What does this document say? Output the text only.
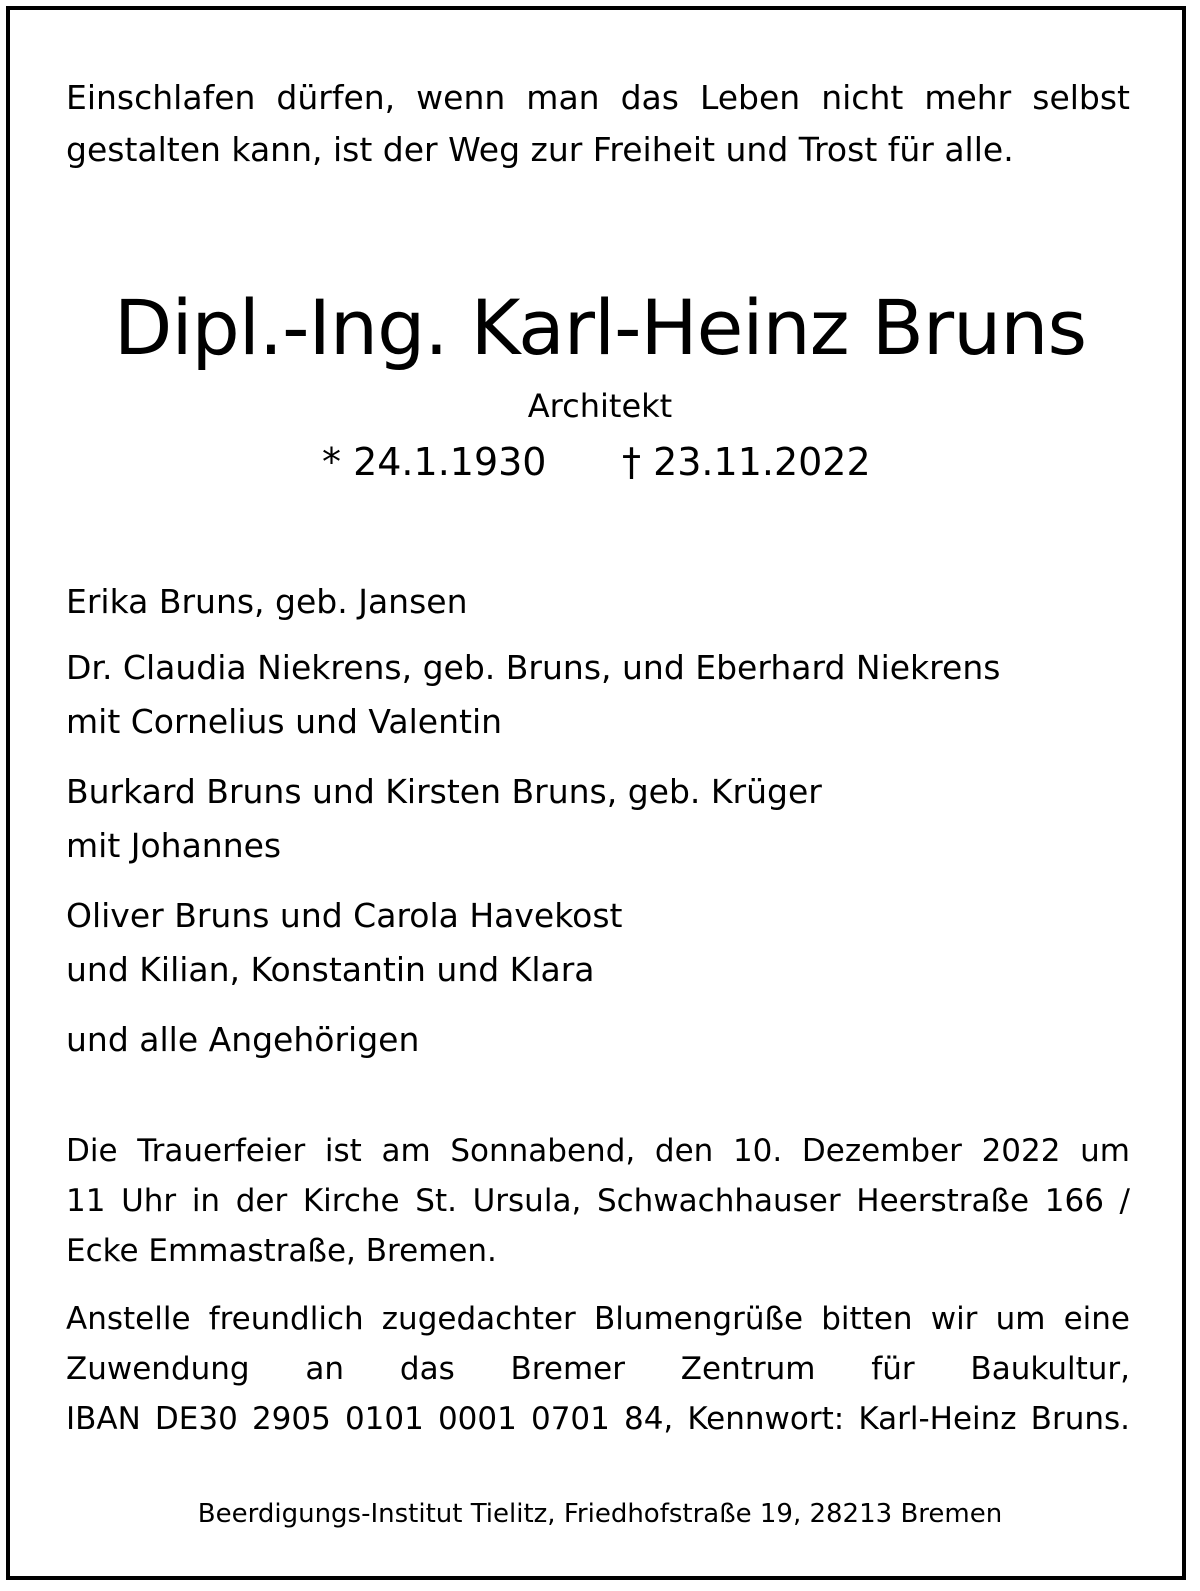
Einschlafen dürfen, wenn man das Leben nicht mehr selbst
gestalten kann, ist der Weg zur Freiheit und Trost für alle.
Dipl.-Ing. Karl-Heinz Bruns
Architekt
* 24.1.1930 † 23.11.2022
Erika Bruns, geb. Jansen
Dr. Claudia Niekrens, geb. Bruns, und Eberhard Niekrens
mit Cornelius und Valentin
Burkard Bruns und Kirsten Bruns, geb. Krüger
mit Johannes
Oliver Bruns und Carola Havekost
und Kilian, Konstantin und Klara
und alle Angehörigen
Die Trauerfeier ist am Sonnabend, den 10. Dezember 2022 um
11 Uhr in der Kirche St. Ursula, Schwachhauser Heerstraße 166 /
Ecke Emmastraße, Bremen.
Anstelle freundlich zugedachter Blumengrüße bitten wir um eine
Zuwendung an das Bremer Zentrum für Baukultur,
IBAN DE30 2905 0101 0001 0701 84, Kennwort: Karl-Heinz Bruns.
Beerdigungs-Institut Tielitz, Friedhofstraße 19, 28213 Bremen
